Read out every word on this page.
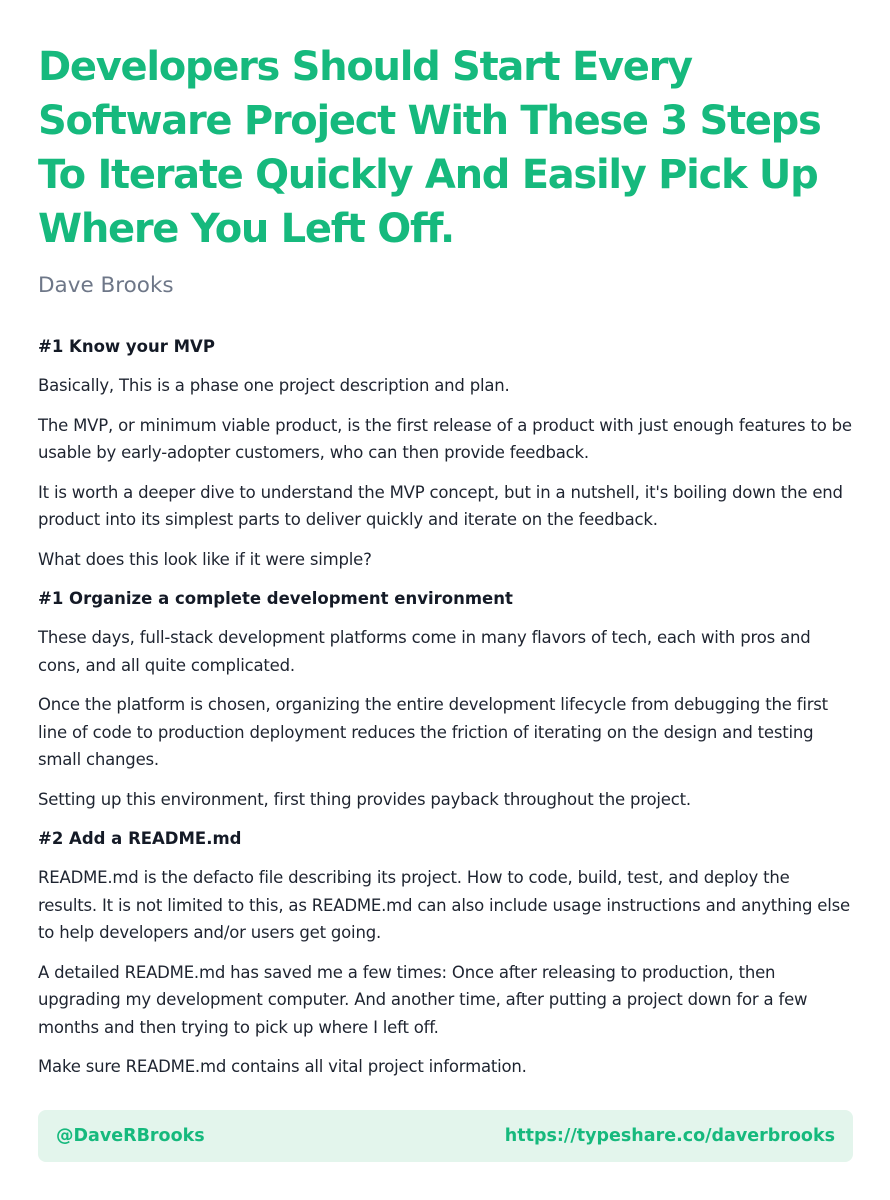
Developers Should Start Every Software Project With These 3 Steps To Iterate Quickly And Easily Pick Up Where You Left Off.
Dave Brooks
#1 Know your MVP

Basically, This is a phase one project description and plan.

The MVP, or minimum viable product, is the first release of a product with just enough features to be usable by early-adopter customers, who can then provide feedback.

It is worth a deeper dive to understand the MVP concept, but in a nutshell, it's boiling down the end product into its simplest parts to deliver quickly and iterate on the feedback.

What does this look like if it were simple?

#1 Organize a complete development environment

These days, full-stack development platforms come in many flavors of tech, each with pros and cons, and all quite complicated.

Once the platform is chosen, organizing the entire development lifecycle from debugging the first line of code to production deployment reduces the friction of iterating on the design and testing small changes.

Setting up this environment, first thing provides payback throughout the project.

#2 Add a README.md

README.md is the defacto file describing its project. How to code, build, test, and deploy the results. It is not limited to this, as README.md can also include usage instructions and anything else to help developers and/or users get going.

A detailed README.md has saved me a few times: Once after releasing to production, then upgrading my development computer. And another time, after putting a project down for a few months and then trying to pick up where I left off.

Make sure README.md contains all vital project information.

@DaveRBrooks	https://typeshare.co/daverbrooks
